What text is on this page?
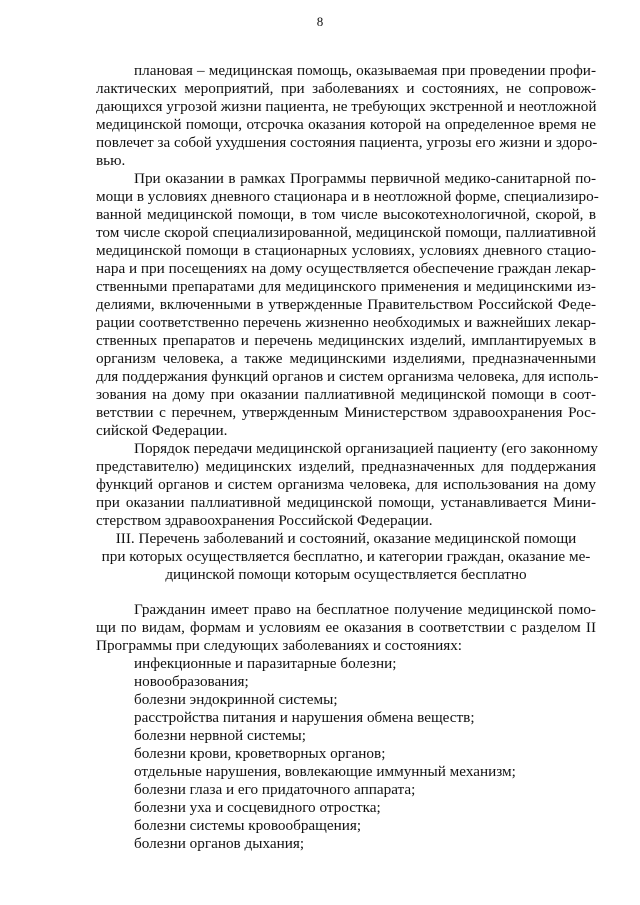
8
плановая – медицинская помощь, оказываемая при проведении профи-
лактических мероприятий, при заболеваниях и состояниях, не сопровож-
дающихся угрозой жизни пациента, не требующих экстренной и неотложной
медицинской помощи, отсрочка оказания которой на определенное время не
повлечет за собой ухудшения состояния пациента, угрозы его жизни и здоро-
вью.
При оказании в рамках Программы первичной медико-санитарной по-
мощи в условиях дневного стационара и в неотложной форме, специализиро-
ванной медицинской помощи, в том числе высокотехнологичной, скорой, в
том числе скорой специализированной, медицинской помощи, паллиативной
медицинской помощи в стационарных условиях, условиях дневного стацио-
нара и при посещениях на дому осуществляется обеспечение граждан лекар-
ственными препаратами для медицинского применения и медицинскими из-
делиями, включенными в утвержденные Правительством Российской Феде-
рации соответственно перечень жизненно необходимых и важнейших лекар-
ственных препаратов и перечень медицинских изделий, имплантируемых в
организм человека, а также медицинскими изделиями, предназначенными
для поддержания функций органов и систем организма человека, для исполь-
зования на дому при оказании паллиативной медицинской помощи в соот-
ветствии с перечнем, утвержденным Министерством здравоохранения Рос-
сийской Федерации.
Порядок передачи медицинской организацией пациенту (его законному
представителю) медицинских изделий, предназначенных для поддержания
функций органов и систем организма человека, для использования на дому
при оказании паллиативной медицинской помощи, устанавливается Мини-
стерством здравоохранения Российской Федерации.
III. Перечень заболеваний и состояний, оказание медицинской помощи
при которых осуществляется бесплатно, и категории граждан, оказание ме-
дицинской помощи которым осуществляется бесплатно
Гражданин имеет право на бесплатное получение медицинской помо-
щи по видам, формам и условиям ее оказания в соответствии с разделом II
Программы при следующих заболеваниях и состояниях:
инфекционные и паразитарные болезни;
новообразования;
болезни эндокринной системы;
расстройства питания и нарушения обмена веществ;
болезни нервной системы;
болезни крови, кроветворных органов;
отдельные нарушения, вовлекающие иммунный механизм;
болезни глаза и его придаточного аппарата;
болезни уха и сосцевидного отростка;
болезни системы кровообращения;
болезни органов дыхания;
